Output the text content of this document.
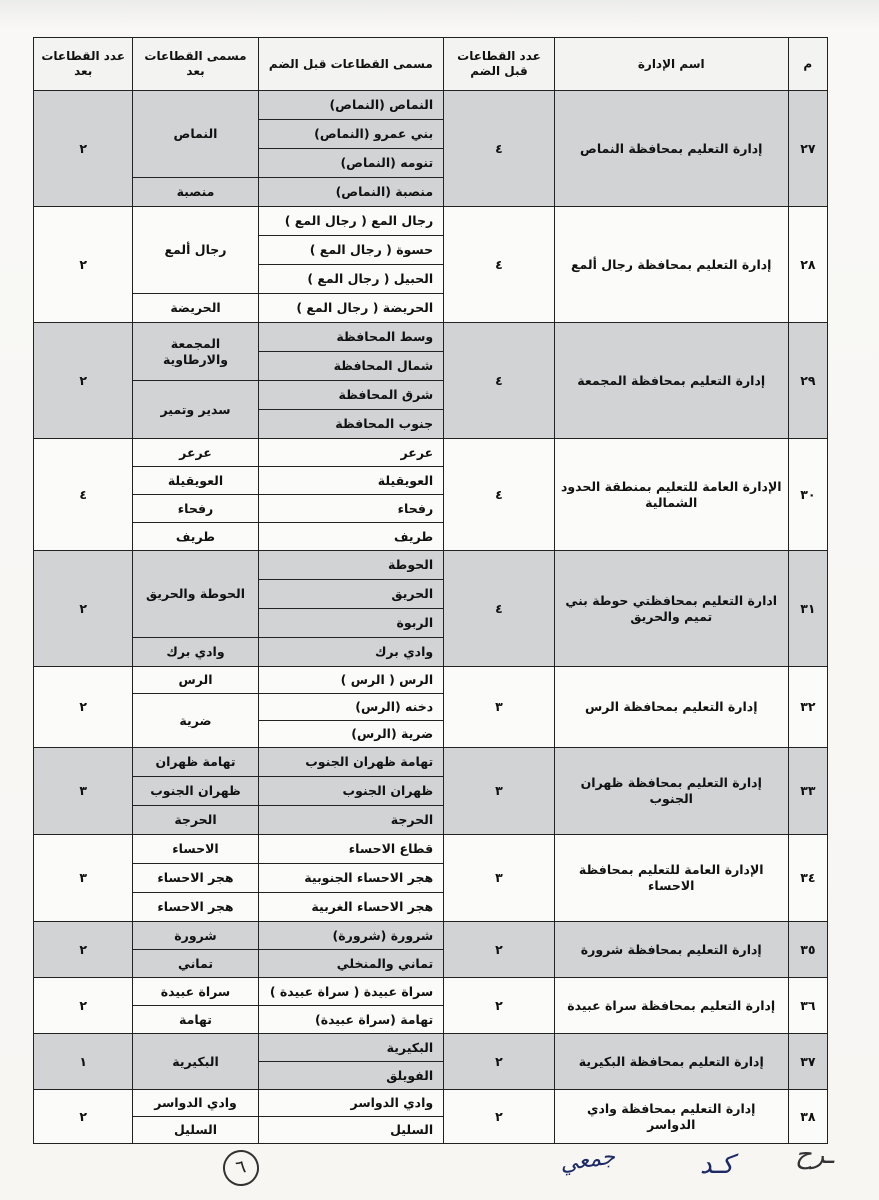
م	اسم الإدارة	عدد القطاعات قبل الضم	مسمى القطاعات قبل الضم	مسمى القطاعات بعد	عدد القطاعات بعد
٢٧	إدارة التعليم بمحافظة النماص	٤	النماص (النماص)	النماص	٢
			بني عمرو (النماص)		
			تنومه (النماص)		
			منصبة (النماص)	منصبة	
٢٨	إدارة التعليم بمحافظة رجال ألمع	٤	رجال المع ( رجال المع )	رجال ألمع	٢
			حسوة ( رجال المع )		
			الحبيل ( رجال المع )		
			الحريضة ( رجال المع )	الحريضة	
٢٩	إدارة التعليم بمحافظة المجمعة	٤	وسط المحافظة	المجمعة والارطاوية	٢
			شمال المحافظة		
			شرق المحافظة	سدير وتمير	
			جنوب المحافظة		
٣٠	الإدارة العامة للتعليم بمنطقة الحدود الشمالية	٤	عرعر	عرعر	٤
			العويقيلة	العويقيلة	
			رفحاء	رفحاء	
			طريف	طريف	
٣١	ادارة التعليم بمحافظتي حوطة بني تميم والحريق	٤	الحوطة	الحوطة والحريق	٢
			الحريق		
			الربوة		
			وادي برك	وادي برك	
٣٢	إدارة التعليم بمحافظة الرس	٣	الرس ( الرس )	الرس	٢
			دخنه (الرس)	ضرية	
			ضرية (الرس)		
٣٣	إدارة التعليم بمحافظة ظهران الجنوب	٣	تهامة ظهران الجنوب	تهامة ظهران	٣
			ظهران الجنوب	ظهران الجنوب	
			الحرجة	الحرجة	
٣٤	الإدارة العامة للتعليم بمحافظة الاحساء	٣	قطاع الاحساء	الاحساء	٣
			هجر الاحساء الجنوبية	هجر الاحساء	
			هجر الاحساء الغربية	هجر الاحساء	
٣٥	إدارة التعليم بمحافظة شرورة	٢	شرورة (شرورة)	شرورة	٢
			تماني والمنخلي	تماني	
٣٦	إدارة التعليم بمحافظة سراة عبيدة	٢	سراة عبيدة ( سراة عبيدة )	سراة عبيدة	٢
			تهامة (سراة عبيدة)	تهامة	
٣٧	إدارة التعليم بمحافظة البكيرية	٢	البكيرية	البكيرية	١
			الفويلق		
٣٨	إدارة التعليم بمحافظة وادي الدواسر	٢	وادي الدواسر	وادي الدواسر	٢
			السليل	السليل	
٦	جمعي	ك‍ـد ـرح
